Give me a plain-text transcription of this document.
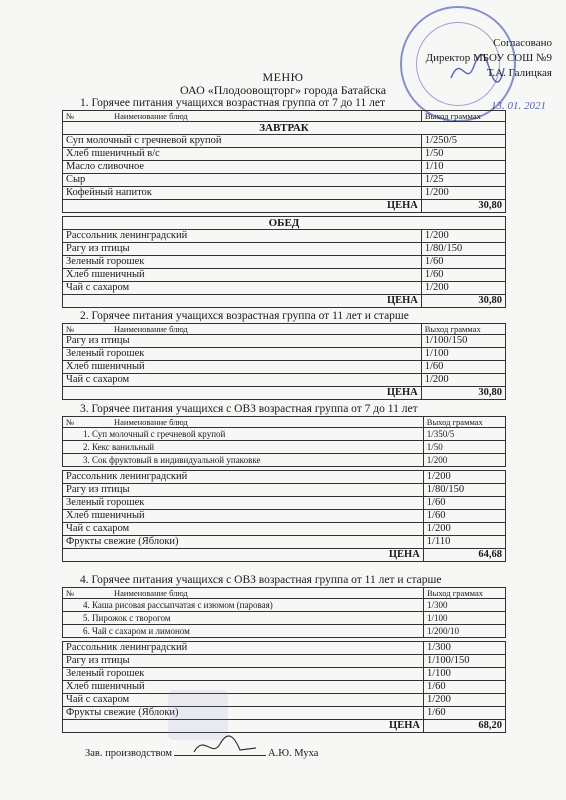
Согласовано
Директор МБОУ СОШ №9
Т.А. Галицкая
13. 01. 2021
МЕНЮ
ОАО «Плодоовощторг» города Батайска
1. Горячее питания учащихся возрастная группа от 7 до 11 лет
№ Наименование блюд	Выход граммах
ЗАВТРАК	
Суп молочный с гречневой крупой	1/250/5
Хлеб пшеничный в/с	1/50
Масло сливочное	1/10
Сыр	1/25
Кофейный напиток	1/200
ЦЕНА	30,80

ОБЕД	
Рассольник ленинградский	1/200
Рагу из птицы	1/80/150
Зеленый горошек	1/60
Хлеб пшеничный	1/60
Чай с сахаром	1/200
ЦЕНА	30,80
2. Горячее питания учащихся возрастная группа от 11 лет и старше
№ Наименование блюд	Выход граммах
Рагу из птицы	1/100/150
Зеленый горошек	1/100
Хлеб пшеничный	1/60
Чай с сахаром	1/200
ЦЕНА	30,80
3. Горячее питания учащихся с ОВЗ возрастная группа от 7 до 11 лет
№ Наименование блюд	Выход граммах
1. Суп молочный с гречневой крупой	1/350/5
2. Кекс ванильный	1/50
3. Сок фруктовый в индивидуальной упаковке	1/200

Рассольник ленинградский	1/200
Рагу из птицы	1/80/150
Зеленый горошек	1/60
Хлеб пшеничный	1/60
Чай с сахаром	1/200
Фрукты свежие (Яблоки)	1/110
ЦЕНА	64,68
4. Горячее питания учащихся с ОВЗ возрастная группа от 11 лет и старше
№ Наименование блюд	Выход граммах
4. Каша рисовая рассыпчатая с изюмом (паровая)	1/300
5. Пирожок с творогом	1/100
6. Чай с сахаром и лимоном	1/200/10

Рассольник ленинградский	1/300
Рагу из птицы	1/100/150
Зеленый горошек	1/100
Хлеб пшеничный	1/60
Чай с сахаром	1/200
Фрукты свежие (Яблоки)	1/60
ЦЕНА	68,20
Зав. производством	А.Ю. Муха
